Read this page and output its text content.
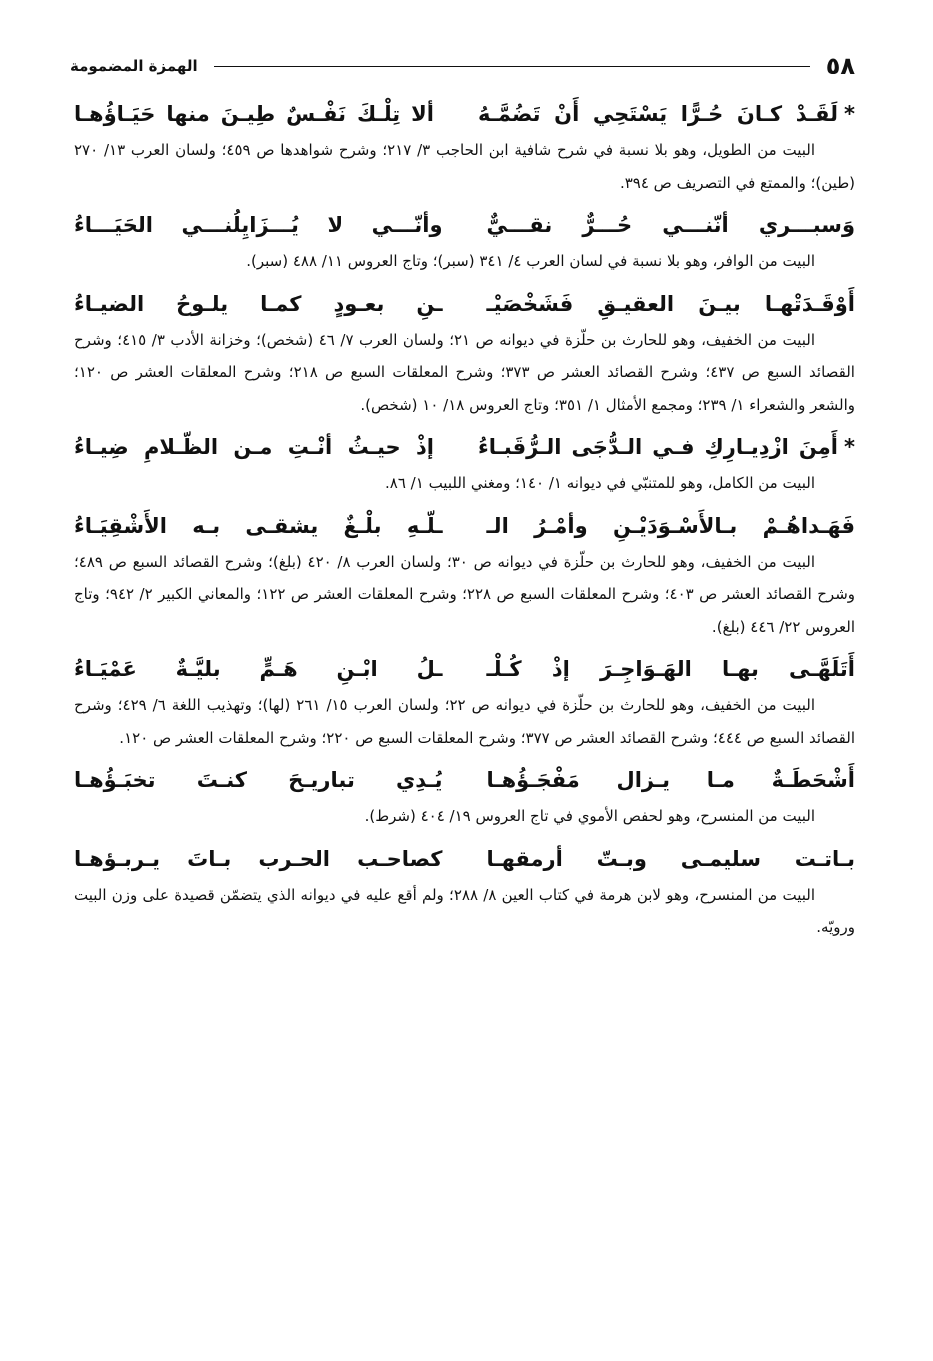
٥٨
الهمزة المضمومة
*
لَقَـدْ كـانَ حُـرًّا يَسْتَحِي أَنْ تَضُمَّـهُ
ألا تِلْـكَ نَفْـسٌ طِيـنَ منها حَيَـاؤُهـا

البيت من الطويل، وهو بلا نسبة في شرح شافية ابن الحاجب ٣/ ٢١٧؛ وشرح شواهدها ص ٤٥٩؛ ولسان العرب ١٣/ ٢٧٠ (طين)؛ والممتع في التصريف ص ٣٩٤.

وَسبـــري أنّنـــي حُـــرٌّ نقـــيٌّ
وأنّـــي لا يُـــزَايِلُنـــي الحَيَـــاءُ

البيت من الوافر، وهو بلا نسبة في لسان العرب ٤/ ٣٤١ (سبر)؛ وتاج العروس ١١/ ٤٨٨ (سبر).

أَوْقَـدَتْهـا بيـنَ العقيـقِ فَشَخْصَيْـ
ـنِ بعـودٍ كمـا يلـوحُ الضيـاءُ

البيت من الخفيف، وهو للحارث بن حلّزة في ديوانه ص ٢١؛ ولسان العرب ٧/ ٤٦ (شخص)؛ وخزانة الأدب ٣/ ٤١٥؛ وشرح القصائد السبع ص ٤٣٧؛ وشرح القصائد العشر ص ٣٧٣؛ وشرح المعلقات السبع ص ٢١٨؛ وشرح المعلقات العشر ص ١٢٠؛ والشعر والشعراء ١/ ٢٣٩؛ ومجمع الأمثال ١/ ٣٥١؛ وتاج العروس ١٨/ ١٠ (شخص).

*
أَمِنَ ازْدِيـارِكِ فـي الـدُّجَى الـرُّقَبـاءُ
إذْ حيـثُ أنْـتِ مـن الظّـلامِ ضِيـاءُ

البيت من الكامل، وهو للمتنبّي في ديوانه ١/ ١٤٠؛ ومغني اللبيب ١/ ٨٦.

فَهَـداهُـمْ بـالأَسْـوَدَيْـنِ وأمْـرُ الـ
ـلّـهِ بلْـغٌ يشقـى بـه الأَشْقِيَـاءُ

البيت من الخفيف، وهو للحارث بن حلّزة في ديوانه ص ٣٠؛ ولسان العرب ٨/ ٤٢٠ (بلغ)؛ وشرح القصائد السبع ص ٤٨٩؛ وشرح القصائد العشر ص ٤٠٣؛ وشرح المعلقات السبع ص ٢٢٨؛ وشرح المعلقات العشر ص ١٢٢؛ والمعاني الكبير ٢/ ٩٤٢؛ وتاج العروس ٢٢/ ٤٤٦ (بلغ).

أَتَلَهَّـى بهـا الهَـوَاجِـرَ إذْ كُـلْـ
ـلُ ابْـنِ هَـمٍّ بليَّـةٌ عَمْيَـاءُ

البيت من الخفيف، وهو للحارث بن حلّزة في ديوانه ص ٢٢؛ ولسان العرب ١٥/ ٢٦١ (لها)؛ وتهذيب اللغة ٦/ ٤٢٩؛ وشرح القصائد السبع ص ٤٤٤؛ وشرح القصائد العشر ص ٣٧٧؛ وشرح المعلقات السبع ص ٢٢٠؛ وشرح المعلقات العشر ص ١٢٠.

أَشْحَطَـةٌ مـا يـزال مَفْجَـؤُهـا
يُـدِي تباريـحَ كنـتَ تخبَـؤُهـا

البيت من المنسرح، وهو لحفص الأموي في تاج العروس ١٩/ ٤٠٤ (شرط).

بـاتـت سليمـى وبـتّ أرمقهـا
كصاحـب الحـرب بـاتَ يـربـؤهـا

البيت من المنسرح، وهو لابن هرمة في كتاب العين ٨/ ٢٨٨؛ ولم أقع عليه في ديوانه الذي يتضمّن قصيدة على وزن البيت ورويّه.
